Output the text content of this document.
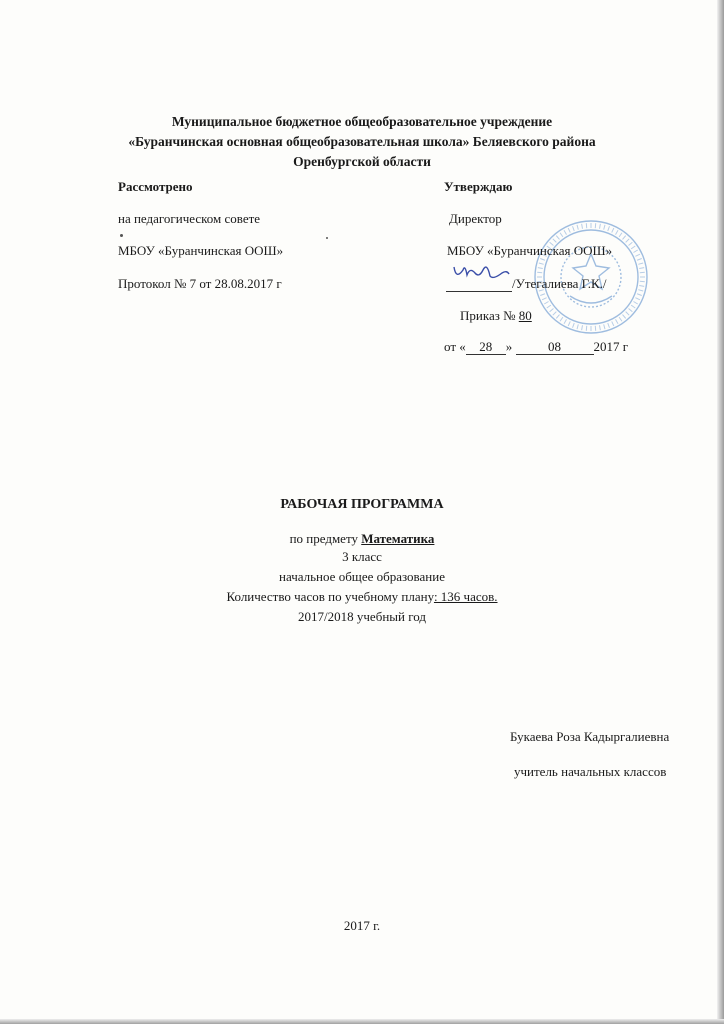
Муниципальное бюджетное общеобразовательное учреждение
«Буранчинская основная общеобразовательная школа» Беляевского района
Оренбургской области
Рассмотрено
на педагогическом совете
МБОУ «Буранчинская ООШ»
Протокол № 7 от 28.08.2017 г
Утверждаю
Директор
МБОУ «Буранчинская ООШ»
/Утегалиева Г.К./
Приказ № 80
от « 28 »	08	2017 г
РАБОЧАЯ ПРОГРАММА
по предмету Математика
3 класс
начальное общее образование
Количество часов по учебному плану: 136 часов.
2017/2018 учебный год
Букаева Роза Кадыргалиевна
учитель начальных классов
2017 г.
